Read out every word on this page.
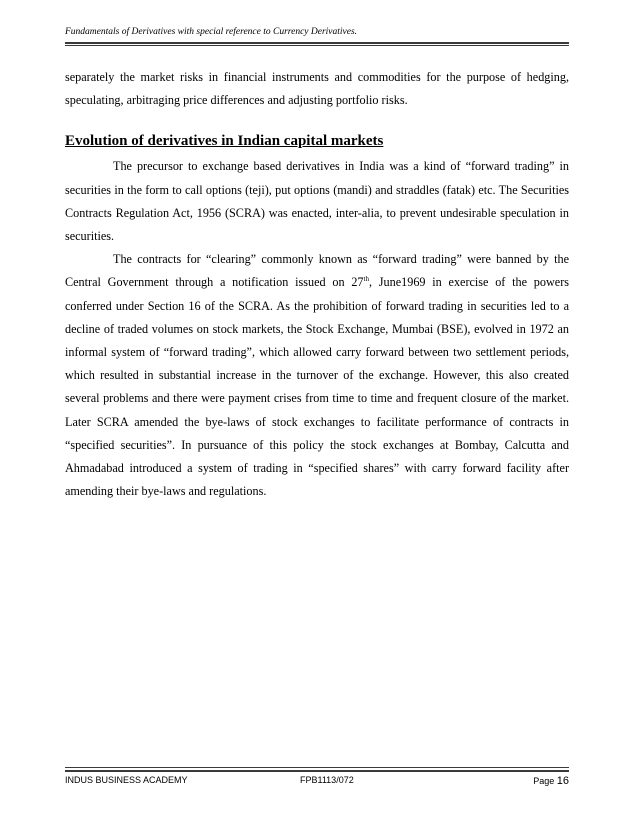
Fundamentals of Derivatives with special reference to Currency Derivatives.

separately the market risks in financial instruments and commodities for the purpose of hedging, speculating, arbitraging price differences and adjusting portfolio risks.

Evolution of derivatives in Indian capital markets

The precursor to exchange based derivatives in India was a kind of “forward trading” in securities in the form to call options (teji), put options (mandi) and straddles (fatak) etc. The Securities Contracts Regulation Act, 1956 (SCRA) was enacted, inter-alia, to prevent undesirable speculation in securities.

The contracts for “clearing” commonly known as “forward trading” were banned by the Central Government through a notification issued on 27th, June1969 in exercise of the powers conferred under Section 16 of the SCRA. As the prohibition of forward trading in securities led to a decline of traded volumes on stock markets, the Stock Exchange, Mumbai (BSE), evolved in 1972 an informal system of “forward trading”, which allowed carry forward between two settlement periods, which resulted in substantial increase in the turnover of the exchange. However, this also created several problems and there were payment crises from time to time and frequent closure of the market. Later SCRA amended the bye-laws of stock exchanges to facilitate performance of contracts in “specified securities”. In pursuance of this policy the stock exchanges at Bombay, Calcutta and Ahmadabad introduced a system of trading in “specified shares” with carry forward facility after amending their bye-laws and regulations.

INDUS BUSINESS ACADEMY	FPB1113/072	Page 16
